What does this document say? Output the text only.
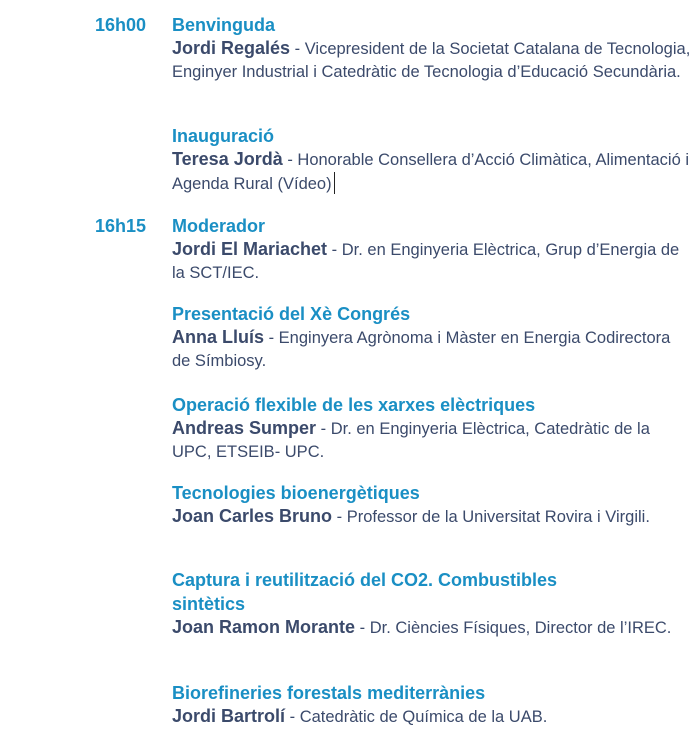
16h00 Benvinguda
Jordi Regalés - Vicepresident de la Societat Catalana de Tecnologia, Enginyer Industrial i Catedràtic de Tecnologia d’Educació Secundària.
Inauguració
Teresa Jordà - Honorable Consellera d’Acció Climàtica, Alimentació i Agenda Rural (Vídeo)
16h15 Moderador
Jordi El Mariachet - Dr. en Enginyeria Elèctrica, Grup d’Energia de la SCT/IEC.
Presentació del Xè Congrés
Anna Lluís - Enginyera Agrònoma i Màster en Energia Codirectora de Símbiosy.
Operació flexible de les xarxes elèctriques
Andreas Sumper - Dr. en Enginyeria Elèctrica, Catedràtic de la UPC, ETSEIB- UPC.
Tecnologies bioenergètiques
Joan Carles Bruno - Professor de la Universitat Rovira i Virgili.
Captura i reutilització del CO2. Combustibles sintètics
Joan Ramon Morante - Dr. Ciències Físiques, Director de l’IREC.
Biorefineries forestals mediterrànies
Jordi Bartrolí - Catedràtic de Química de la UAB.
